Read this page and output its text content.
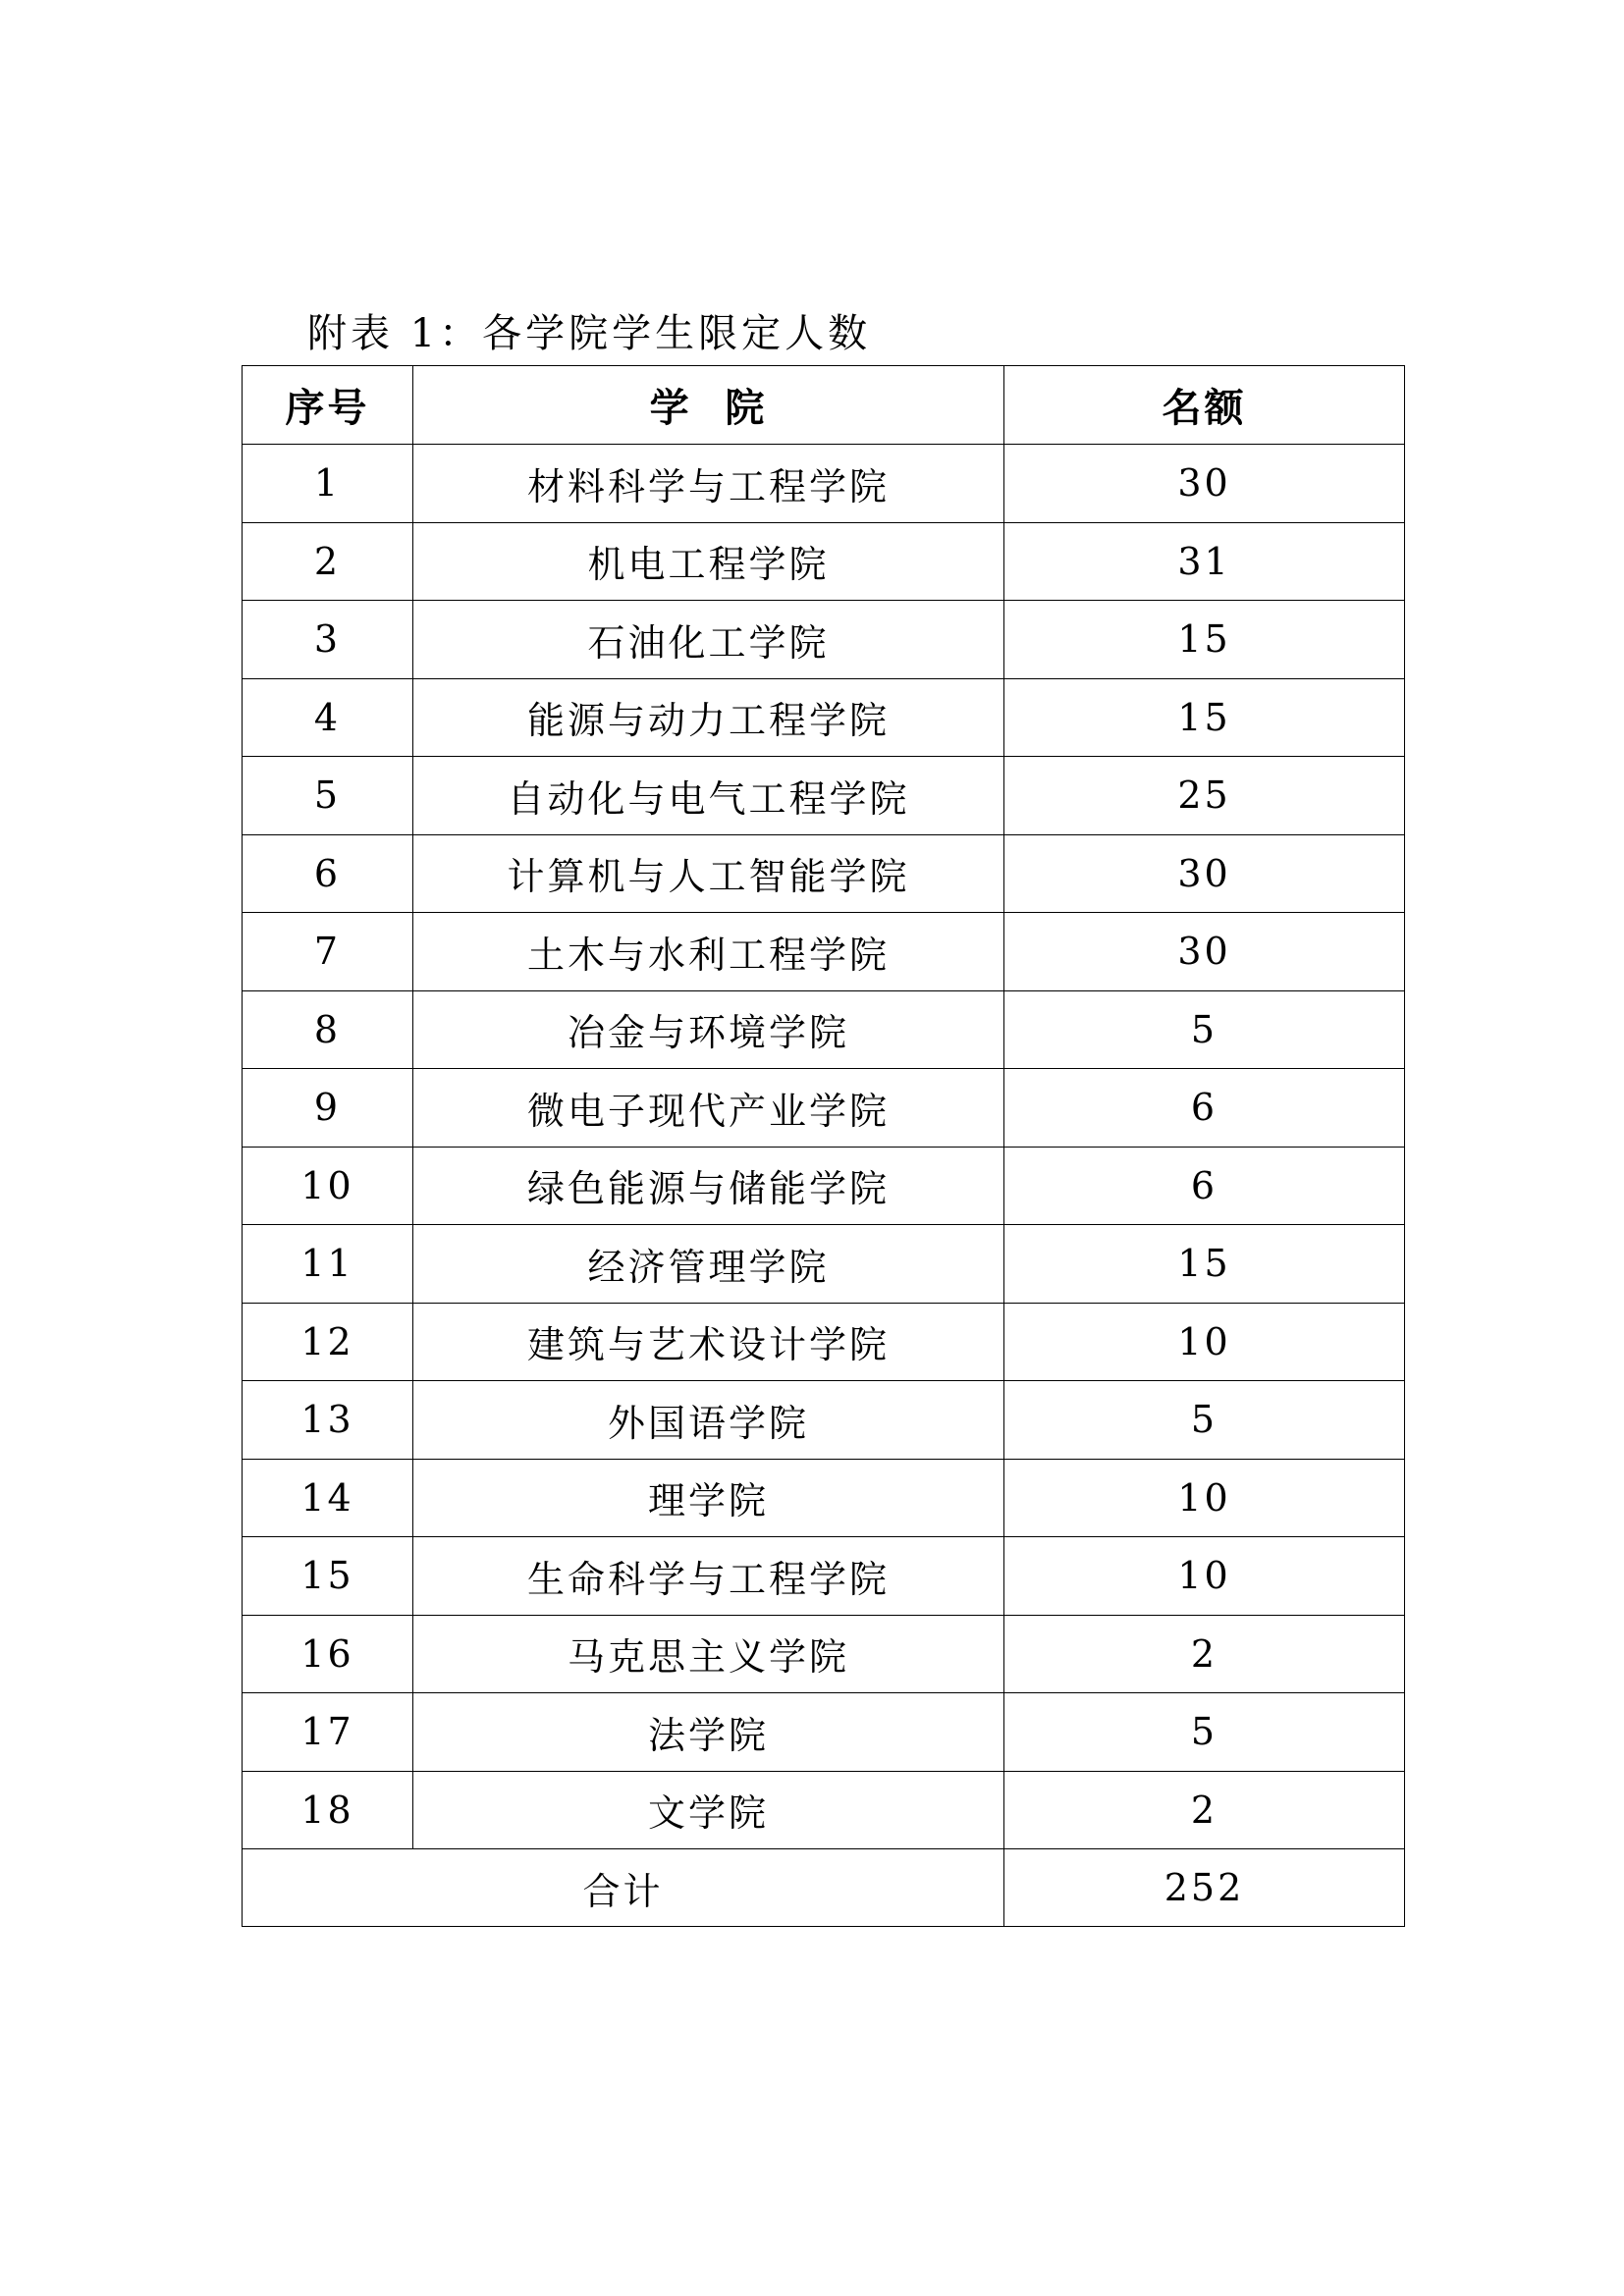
附表 1：各学院学生限定人数
序号	学  院	名额
1	材料科学与工程学院	30
2	机电工程学院	31
3	石油化工学院	15
4	能源与动力工程学院	15
5	自动化与电气工程学院	25
6	计算机与人工智能学院	30
7	土木与水利工程学院	30
8	冶金与环境学院	5
9	微电子现代产业学院	6
10	绿色能源与储能学院	6
11	经济管理学院	15
12	建筑与艺术设计学院	10
13	外国语学院	5
14	理学院	10
15	生命科学与工程学院	10
16	马克思主义学院	2
17	法学院	5
18	文学院	2
合计		252
